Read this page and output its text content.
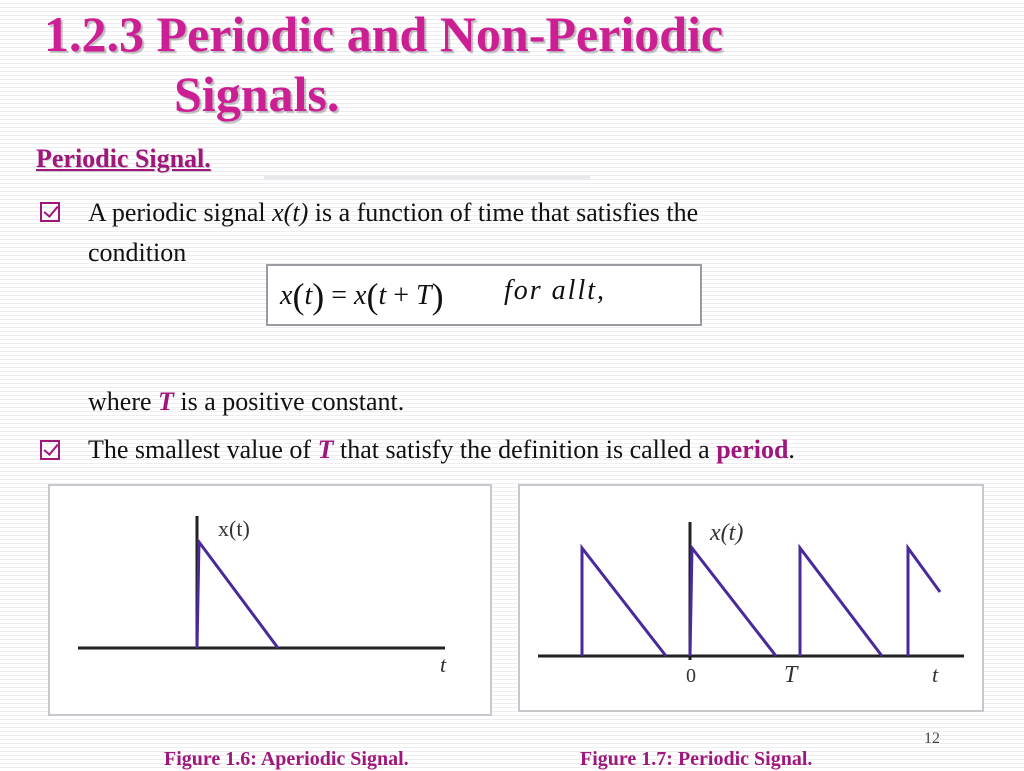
1.2.3 Periodic and Non-Periodic
Signals.
Periodic Signal.
A periodic signal x(t) is a function of time that satisfies the
condition
x(t) = x(t + T) for allt,
where T is a positive constant.
The smallest value of T that satisfy the definition is called a period.
x(t)
t
x(t)
0	T	t
12
Figure 1.6: Aperiodic Signal.	Figure 1.7: Periodic Signal.
